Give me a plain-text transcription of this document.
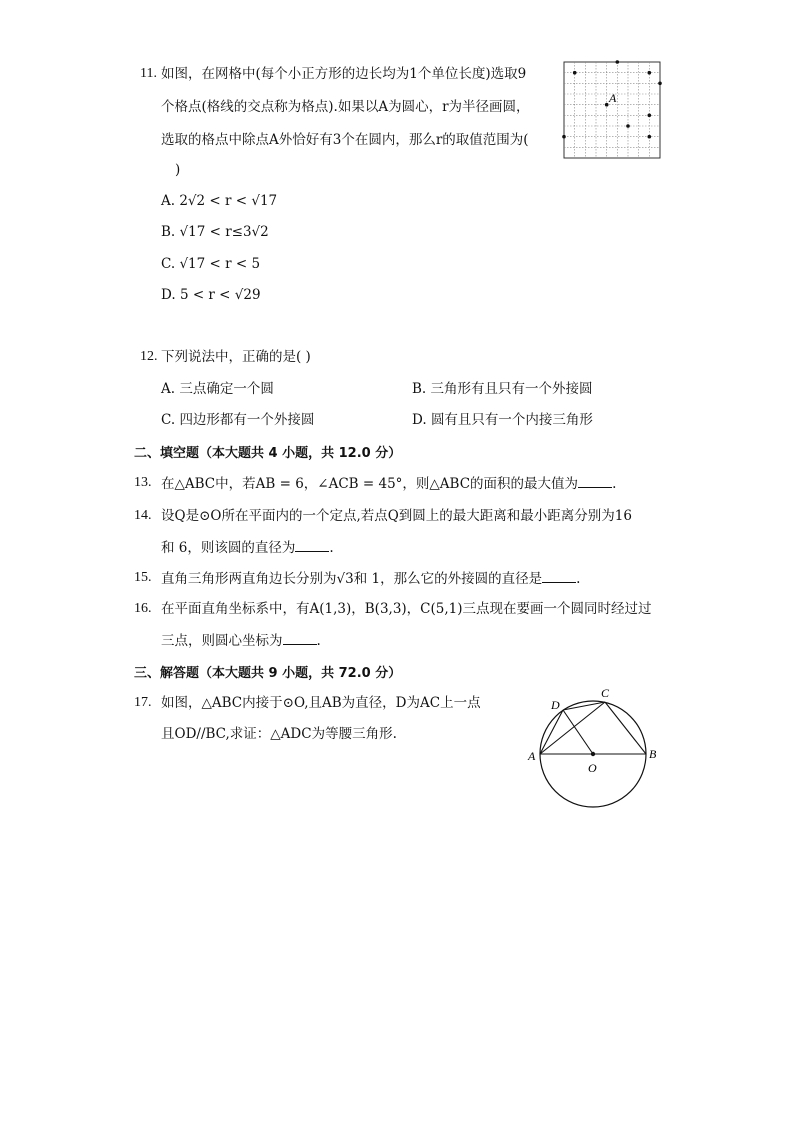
11. 如图，在网格中(每个小正方形的边长均为1个单位长度)选取9
个格点(格线的交点称为格点).如果以A为圆心，r为半径画圆，
选取的格点中除点A外恰好有3个在圆内，那么r的取值范围为(
)
A. 2√2 < r < √17
B. √17 < r≤3√2
C. √17 < r < 5
D. 5 < r < √29
A
12. 下列说法中，正确的是( )
A. 三点确定一个圆	B. 三角形有且只有一个外接圆
C. 四边形都有一个外接圆	D. 圆有且只有一个内接三角形
二、填空题（本大题共 4 小题，共 12.0 分）
13. 在△ABC中，若AB = 6，∠ACB = 45°，则△ABC的面积的最大值为	.
14. 设Q是⊙O所在平面内的一个定点,若点Q到圆上的最大距离和最小距离分别为16
和 6，则该圆的直径为	.
15. 直角三角形两直角边长分别为√3和 1，那么它的外接圆的直径是	.
16. 在平面直角坐标系中，有A(1,3)，B(3,3)，C(5,1)三点现在要画一个圆同时经过过
三点，则圆心坐标为	.
三、解答题（本大题共 9 小题，共 72.0 分）
17. 如图，△ABC内接于⊙O,且AB为直径，D为AC上一点
且OD//BC,求证：△ADC为等腰三角形.
A	B
C
D
O
